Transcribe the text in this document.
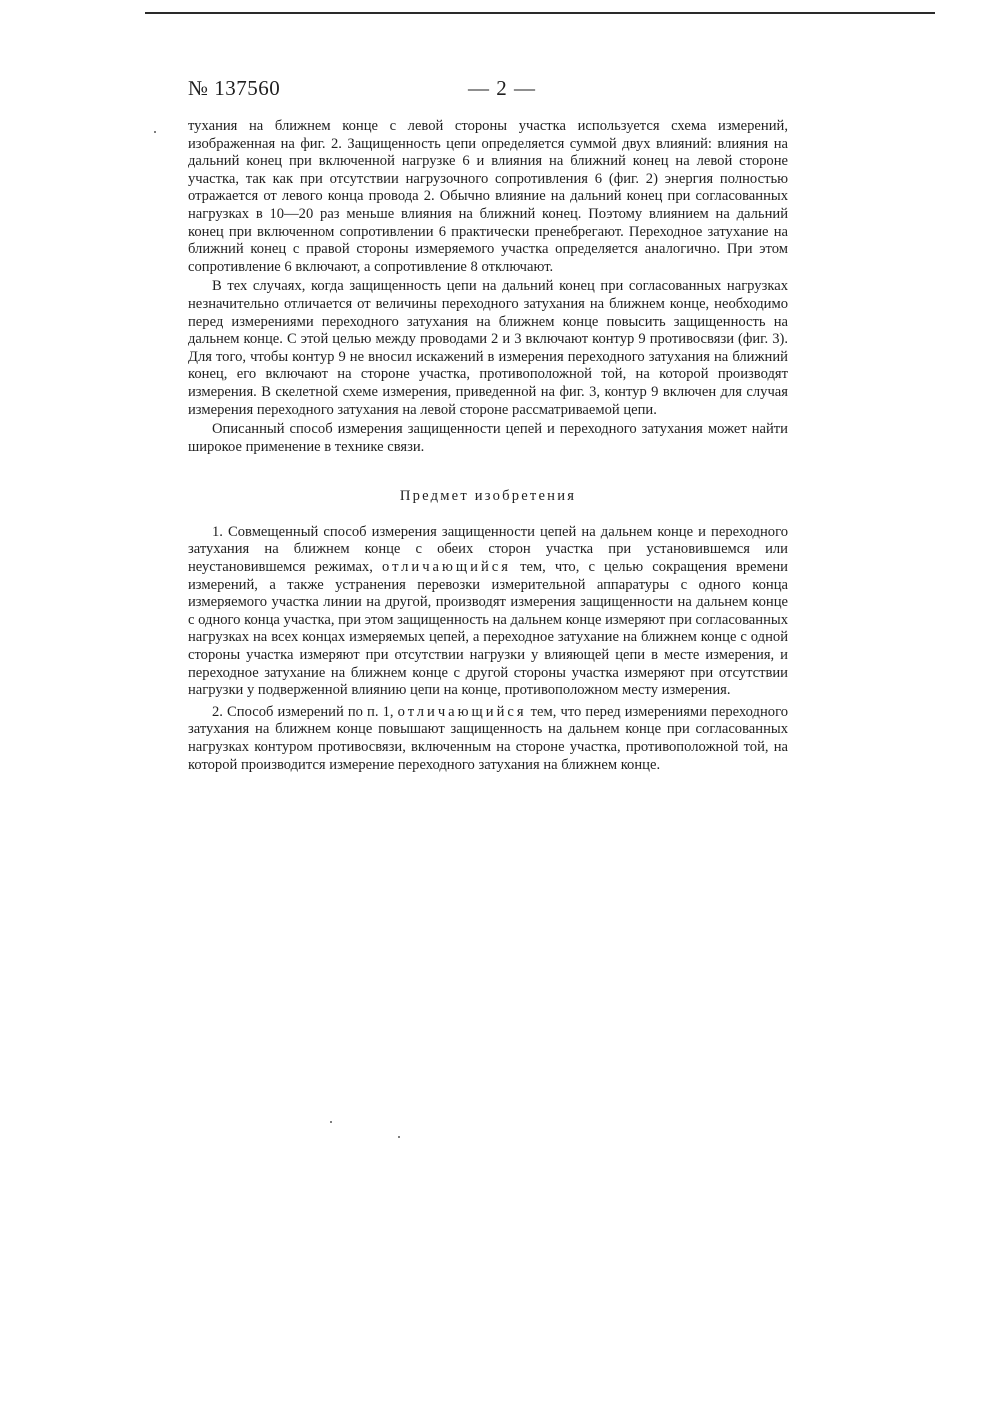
№ 137560	— 2 —

тухания на ближнем конце с левой стороны участка используется схема измерений, изображенная на фиг. 2. Защищенность цепи определяется суммой двух влияний: влияния на дальний конец при включенной нагрузке 6 и влияния на ближний конец на левой стороне участка, так как при отсутствии нагрузочного сопротивления 6 (фиг. 2) энергия полностью отражается от левого конца провода 2. Обычно влияние на дальний конец при согласованных нагрузках в 10—20 раз меньше влияния на ближний конец. Поэтому влиянием на дальний конец при включенном сопротивлении 6 практически пренебрегают. Переходное затухание на ближний конец с правой стороны измеряемого участка определяется аналогично. При этом сопротивление 6 включают, а сопротивление 8 отключают.

В тех случаях, когда защищенность цепи на дальний конец при согласованных нагрузках незначительно отличается от величины переходного затухания на ближнем конце, необходимо перед измерениями переходного затухания на ближнем конце повысить защищенность на дальнем конце. С этой целью между проводами 2 и 3 включают контур 9 противосвязи (фиг. 3). Для того, чтобы контур 9 не вносил искажений в измерения переходного затухания на ближний конец, его включают на стороне участка, противоположной той, на которой производят измерения. В скелетной схеме измерения, приведенной на фиг. 3, контур 9 включен для случая измерения переходного затухания на левой стороне рассматриваемой цепи.

Описанный способ измерения защищенности цепей и переходного затухания может найти широкое применение в технике связи.

Предмет изобретения

1. Совмещенный способ измерения защищенности цепей на дальнем конце и переходного затухания на ближнем конце с обеих сторон участка при установившемся или неустановившемся режимах, отличающийся тем, что, с целью сокращения времени измерений, а также устранения перевозки измерительной аппаратуры с одного конца измеряемого участка линии на другой, производят измерения защищенности на дальнем конце с одного конца участка, при этом защищенность на дальнем конце измеряют при согласованных нагрузках на всех концах измеряемых цепей, а переходное затухание на ближнем конце с одной стороны участка измеряют при отсутствии нагрузки у влияющей цепи в месте измерения, и переходное затухание на ближнем конце с другой стороны участка измеряют при отсутствии нагрузки у подверженной влиянию цепи на конце, противоположном месту измерения.

2. Способ измерений по п. 1, отличающийся тем, что перед измерениями переходного затухания на ближнем конце повышают защищенность на дальнем конце при согласованных нагрузках контуром противосвязи, включенным на стороне участка, противоположной той, на которой производится измерение переходного затухания на ближнем конце.
